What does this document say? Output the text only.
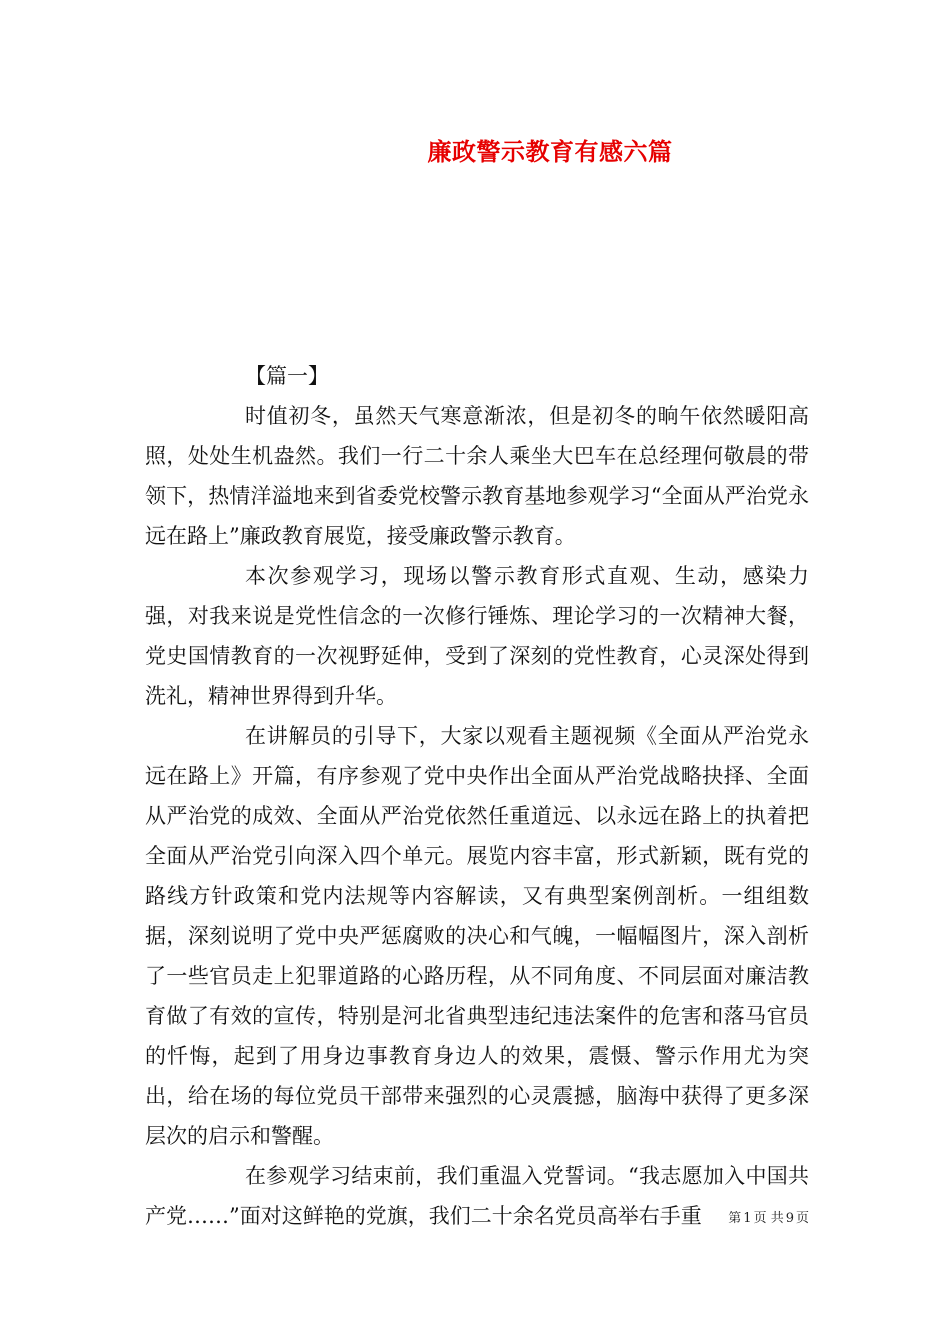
廉政警示教育有感六篇
【篇一】

时值初冬，虽然天气寒意渐浓，但是初冬的晌午依然暖阳高照，处处生机盎然。我们一行二十余人乘坐大巴车在总经理何敬晨的带领下，热情洋溢地来到省委党校警示教育基地参观学习“全面从严治党永远在路上”廉政教育展览，接受廉政警示教育。

本次参观学习，现场以警示教育形式直观、生动，感染力强，对我来说是党性信念的一次修行锤炼、理论学习的一次精神大餐，党史国情教育的一次视野延伸，受到了深刻的党性教育，心灵深处得到洗礼，精神世界得到升华。

在讲解员的引导下，大家以观看主题视频《全面从严治党永远在路上》开篇，有序参观了党中央作出全面从严治党战略抉择、全面从严治党的成效、全面从严治党依然任重道远、以永远在路上的执着把全面从严治党引向深入四个单元。展览内容丰富，形式新颖，既有党的路线方针政策和党内法规等内容解读，又有典型案例剖析。一组组数据，深刻说明了党中央严惩腐败的决心和气魄，一幅幅图片，深入剖析了一些官员走上犯罪道路的心路历程，从不同角度、不同层面对廉洁教育做了有效的宣传，特别是河北省典型违纪违法案件的危害和落马官员的忏悔，起到了用身边事教育身边人的效果，震慑、警示作用尤为突出，给在场的每位党员干部带来强烈的心灵震撼，脑海中获得了更多深层次的启示和警醒。

在参观学习结束前，我们重温入党誓词。“我志愿加入中国共产党……”面对这鲜艳的党旗，我们二十余名党员高举右手重	第 1 页 共 9 页
